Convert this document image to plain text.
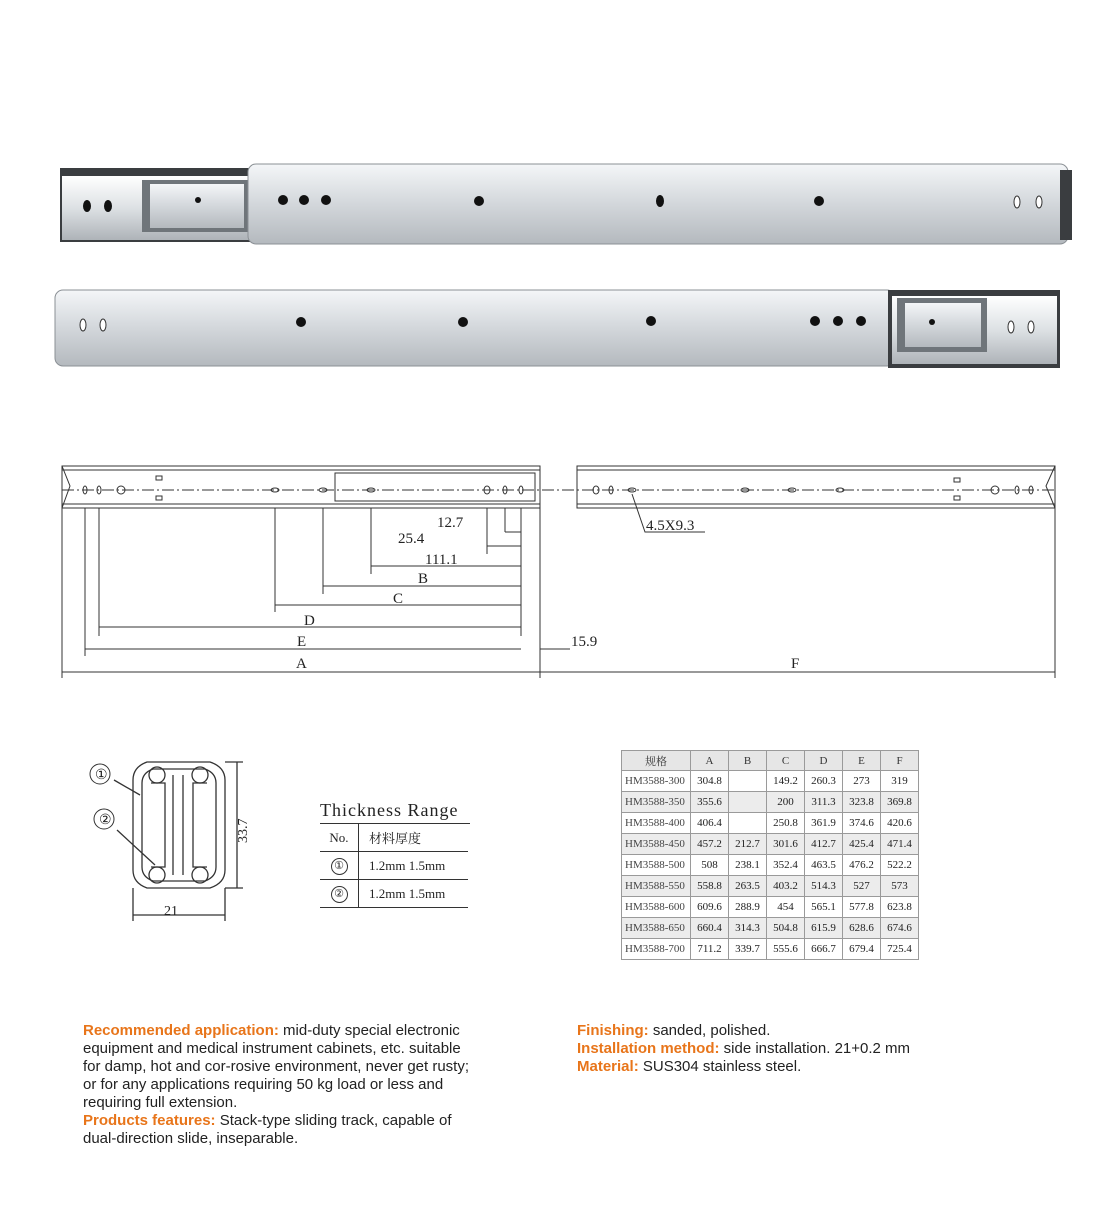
12.7
25.4
111.1
B
C
D
E
A
15.9
F
4.5X9.3
①
②	33.7
21
Thickness Range
No.	材料厚度
①	1.2mm 1.5mm
②	1.2mm 1.5mm
规格	A	B	C	D	E	F
HM3588-300	304.8		149.2	260.3	273	319
HM3588-350	355.6		200	311.3	323.8	369.8
HM3588-400	406.4		250.8	361.9	374.6	420.6
HM3588-450	457.2	212.7	301.6	412.7	425.4	471.4
HM3588-500	508	238.1	352.4	463.5	476.2	522.2
HM3588-550	558.8	263.5	403.2	514.3	527	573
HM3588-600	609.6	288.9	454	565.1	577.8	623.8
HM3588-650	660.4	314.3	504.8	615.9	628.6	674.6
HM3588-700	711.2	339.7	555.6	666.7	679.4	725.4
Recommended application: mid-duty special electronic
equipment and medical instrument cabinets, etc. suitable
for damp, hot and cor-rosive environment, never get rusty;
or for any applications requiring 50 kg load or less and
requiring full extension.
Products features: Stack-type sliding track, capable of
dual-direction slide, inseparable.
Finishing: sanded, polished.
Installation method: side installation. 21+0.2 mm
Material: SUS304 stainless steel.
